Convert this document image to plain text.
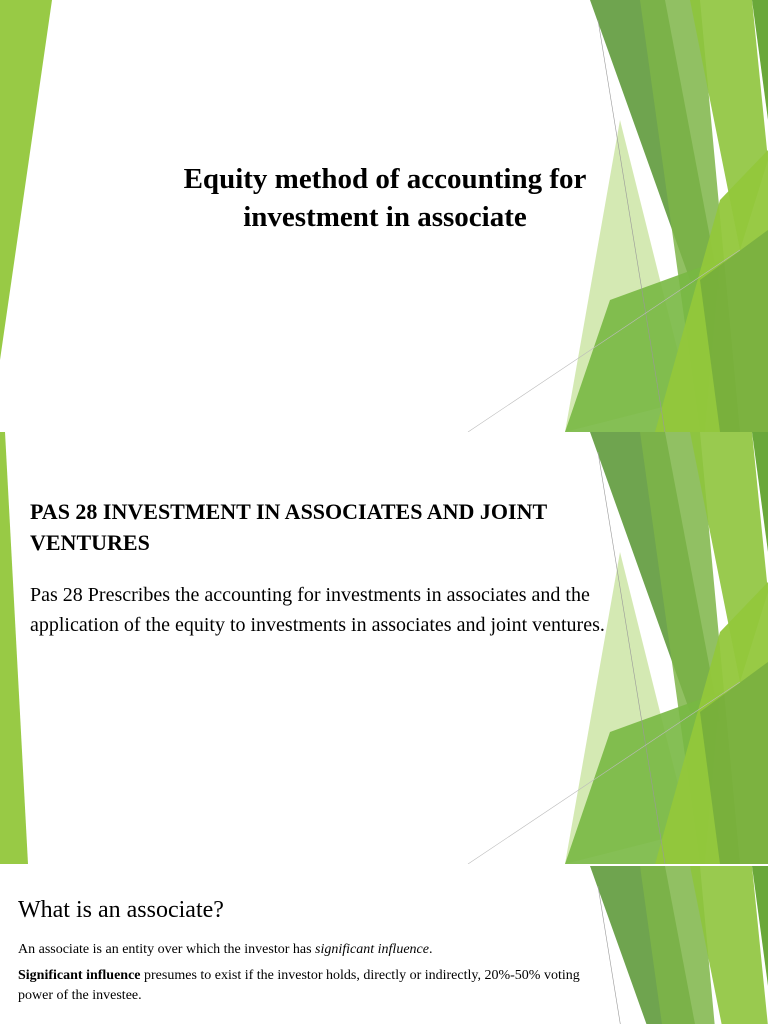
Equity method of accounting for
investment in associate
PAS 28 INVESTMENT IN ASSOCIATES AND JOINT
VENTURES

Pas 28 Prescribes the accounting for investments in associates and the application of the equity to investments in associates and joint ventures.

What is an associate?

An associate is an entity over which the investor has significant influence.

Significant influence presumes to exist if the investor holds, directly or indirectly, 20%-50% voting power of the investee.
